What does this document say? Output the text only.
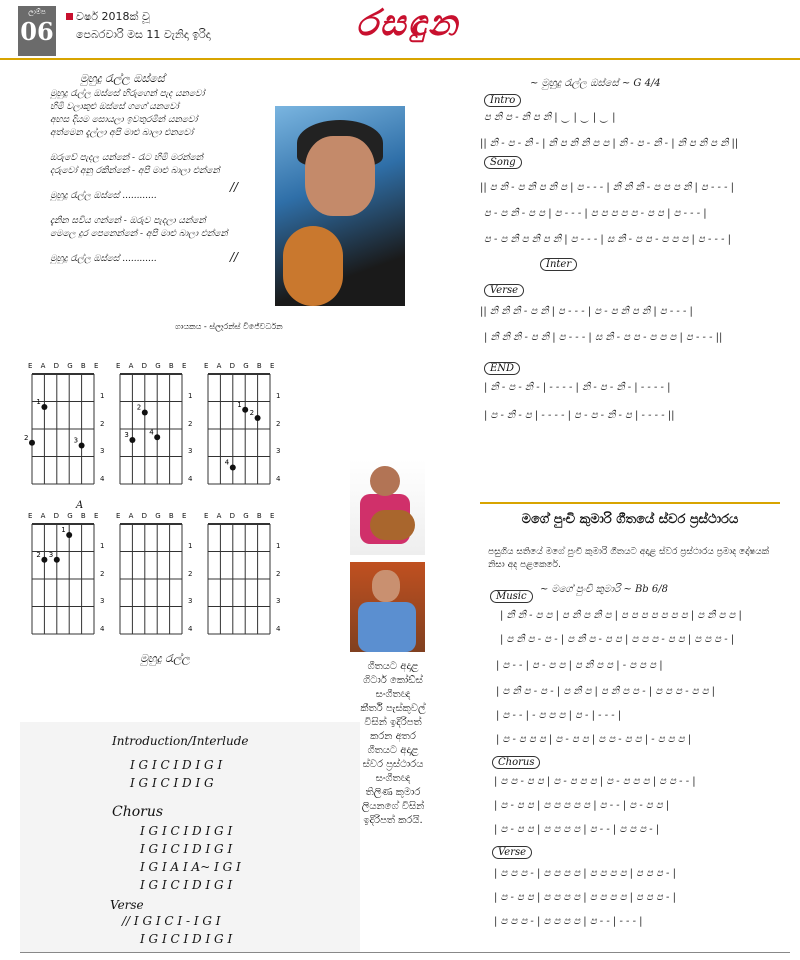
ලාම්ප
06
වර්ෂ 2018ක් වූ
පෙබරවාරි මස 11 වැනිදා ඉරිදා	රසඳුන
මුහුදු රැල්ල ඔස්සේ
මුහුදු රැල්ල ඔස්සේ හිරුගෙන් පැද යනවෝ
හිමි වලාකුළු ඔස්සේ ගගේ යනවෝ
අහස දියම සොයලා ඉවතුරමින් යනවෝ
අත්මෙන දැල්ලා අපි මාළු බාලා එනවෝ
ඔරුවේ පැදල යන්නේ - රැට හිමි මරන්නේ
දරුවෝ අනු රකින්නේ - අපි මාළු බාලා එන්නේ
මුහුදු රැල්ල ඔස්සේ ............
දැනින සවිය ගන්නේ - ඔරුව පැදලා යන්නේ
මෙලෙ දුර පෙනෙන්නේ - අපි මාළු බාලා එන්නේ
මුහුදු රැල්ල ඔස්සේ ............
//
//
ගායකය - ස්ලෑරන්ස් විජේවර්ධන
E A D G B E
1
2	3
1
2
3
4
E A D G B E
2
4
3
1
2
3
4
E A D G B E
1
2
4
1
2
3
4
E A D G B E
1
2 3
1
2
3
4
A
E A D G B E
1
2
3
4
E A D G B E
1
2
3
4
මුහුදු රැල්ල
ගීතයට අදාළ
ගිටාර් කෝඩ්ස්
සංගීතඥ
කීර්ති පැස්කුවල්
විසින් ඉදිරිපත්
කරන අතර
ගීතයට අදාළ
ස්වර ප්‍රස්ථාරය
සංගීතඥ
තිලිණ කුමාර
ලියනගේ විසින්
ඉදිරිපත් කරයි.
Introduction/Interlude
I G I C I D I G I
I G I C I D I G
Chorus
I G I C I D I G I
I G I C I D I G I
I G I A I A~ I G I
I G I C I D I G I
Verse
// I G I C I - I G I
I G I C I D I G I
~ මුහුදු රැල්ල ඔස්සේ ~ G 4/4
Intro
ප නි ප - නි ප නි | ‿ | ‿ | ‿ |
|| නි - ප - නි - | නි ප නි නි ප ප | නි - ප - නි - | නි ප නි ප නි ||
Song
|| ප නි - ප නි ප නි ප | ප - - - | නි නි නි - ප ප ප නි | ප - - - |
ප - ප නි - ප ප | ප - - - | ප ප ප ප ප - ප ප | ප - - - |
ප - ප නි ප නි ප නි | ප - - - | ස නි - ප ප - ප ප ප | ප - - - |
Inter
Verse
|| නි නි නි - ප නි | ප - - - | ප - ප නි ප නි | ප - - - |
| නි නි නි - ප නි | ප - - - | ස නි - ප ප - ප ප ප | ප - - - ||
END
| නි - ප - නි - | - - - - | නි - ප - නි - | - - - - |
| ප - නි - ප | - - - - | ප - ප - නි - ප | - - - - ||
මගේ පුංචි කුමාරි ගීතයේ ස්වර ප්‍රස්ථාරය
පසුගිය සතියේ මගේ පුංචි කුමාරි ගීතයට අදාළ ස්වර ප්‍රස්ථාරය ප්‍රමාද දෝෂයක් නිසා අද පළකෙරේ.
~ මගේ පුංචි කුමාරි ~ Bb 6/8
Music
| නි නි - ප ප | ප නි ප නි ප | ප ප ප ප ප ප ප | ප නි ප ප |
| ප නි ප - ප - | ප නි ප - ප ප | ප ප ප - ප ප | ප ප ප - |
| ප - - | ප - ප ප | ප නි ප ප | - ප ප ප |
| ප නි ප - ප - | ප නි ප | ප නි ප ප - | ප ප ප - ප ප |
| ප - - | - ප ප ප | ප - | - - - |
| ප - ප ප ප | ප - ප ප | ප ප - ප ප | - ප ප ප |
Chorus
| ප ප - ප ප | ප - ප ප ප | ප - ප ප ප | ප ප - - |
| ප - ප ප | ප ප ප ප ප | ප - - | ප - ප ප |
| ප - ප ප | ප ප ප ප | ප - - | ප ප ප - |
Verse
| ප ප ප - | ප ප ප ප | ප ප ප ප | ප ප ප - |
| ප - ප ප | ප ප ප ප | ප ප ප ප | ප ප ප - |
| ප ප ප - | ප ප ප ප | ප - - | - - - |
